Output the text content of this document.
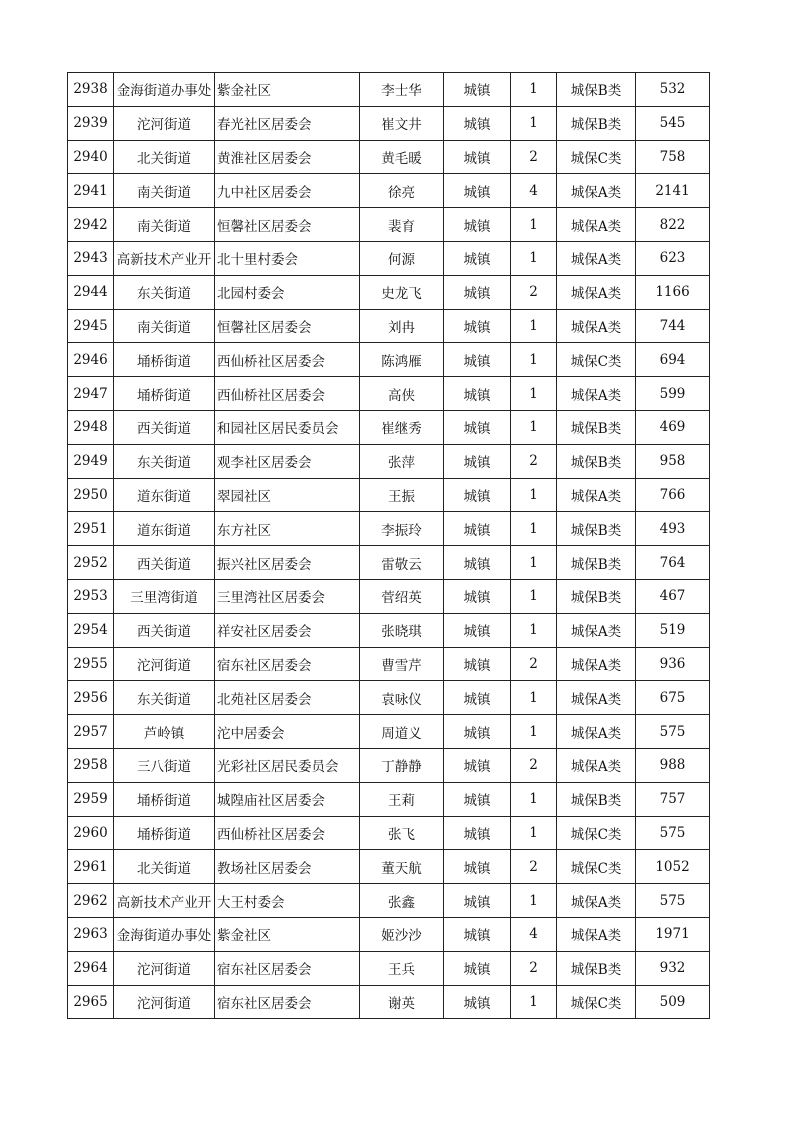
2938	金海街道办事处	紫金社区	李士华	城镇	1	城保B类	532
2939	沱河街道	春光社区居委会	崔文井	城镇	1	城保B类	545
2940	北关街道	黄淮社区居委会	黄毛暖	城镇	2	城保C类	758
2941	南关街道	九中社区居委会	徐亮	城镇	4	城保A类	2141
2942	南关街道	恒馨社区居委会	裴育	城镇	1	城保A类	822
2943	高新技术产业开	北十里村委会	何源	城镇	1	城保A类	623
2944	东关街道	北园村委会	史龙飞	城镇	2	城保A类	1166
2945	南关街道	恒馨社区居委会	刘冉	城镇	1	城保A类	744
2946	埇桥街道	西仙桥社区居委会	陈鸿雁	城镇	1	城保C类	694
2947	埇桥街道	西仙桥社区居委会	高侠	城镇	1	城保A类	599
2948	西关街道	和园社区居民委员会	崔继秀	城镇	1	城保B类	469
2949	东关街道	观李社区居委会	张萍	城镇	2	城保B类	958
2950	道东街道	翠园社区	王振	城镇	1	城保A类	766
2951	道东街道	东方社区	李振玲	城镇	1	城保B类	493
2952	西关街道	振兴社区居委会	雷敬云	城镇	1	城保B类	764
2953	三里湾街道	三里湾社区居委会	菅绍英	城镇	1	城保B类	467
2954	西关街道	祥安社区居委会	张晓琪	城镇	1	城保A类	519
2955	沱河街道	宿东社区居委会	曹雪芹	城镇	2	城保A类	936
2956	东关街道	北苑社区居委会	袁咏仪	城镇	1	城保A类	675
2957	芦岭镇	沱中居委会	周道义	城镇	1	城保A类	575
2958	三八街道	光彩社区居民委员会	丁静静	城镇	2	城保A类	988
2959	埇桥街道	城隍庙社区居委会	王莉	城镇	1	城保B类	757
2960	埇桥街道	西仙桥社区居委会	张飞	城镇	1	城保C类	575
2961	北关街道	教场社区居委会	董天航	城镇	2	城保C类	1052
2962	高新技术产业开	大王村委会	张鑫	城镇	1	城保A类	575
2963	金海街道办事处	紫金社区	姬沙沙	城镇	4	城保A类	1971
2964	沱河街道	宿东社区居委会	王兵	城镇	2	城保B类	932
2965	沱河街道	宿东社区居委会	谢英	城镇	1	城保C类	509
